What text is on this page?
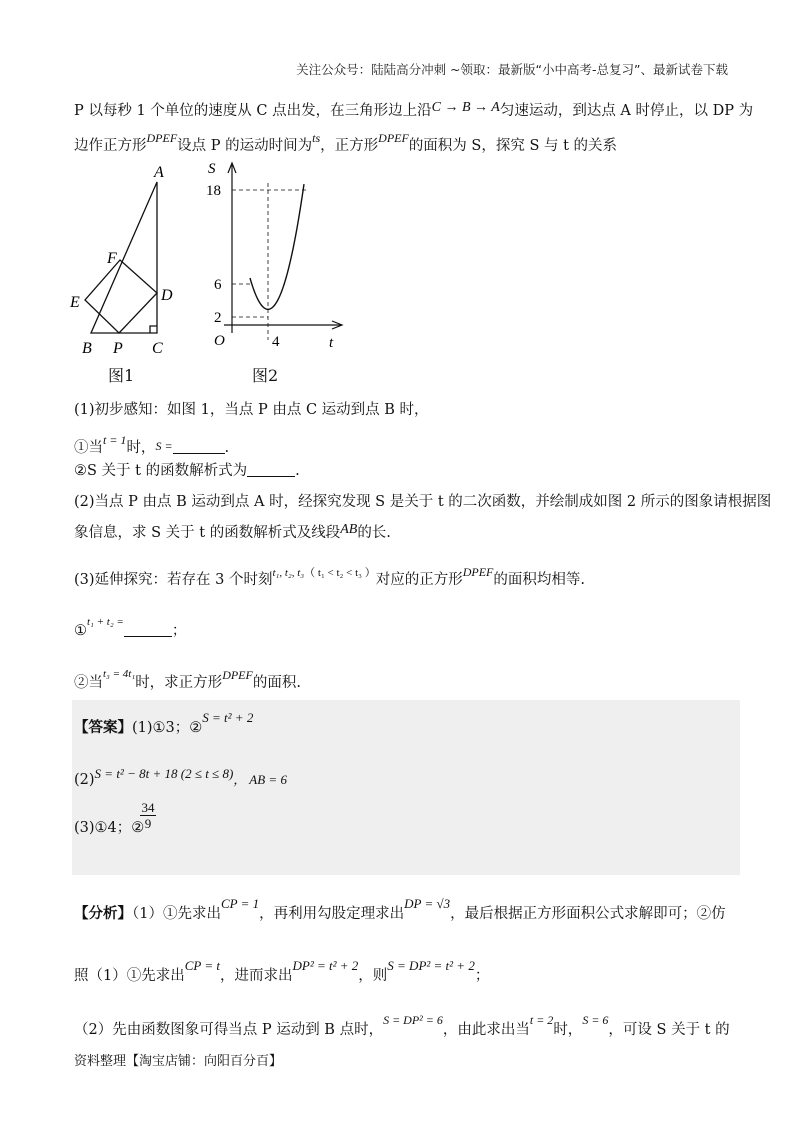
关注公众号：陆陆高分冲刺 ~领取：最新版“小中高考-总复习”、最新试卷下载
P 以每秒 1 个单位的速度从 C 点出发，在三角形边上沿C → B → A匀速运动，到达点 A 时停止，以 DP 为
边作正方形$^{DPEF}$设点 P 的运动时间为$^{ts}$，正方形$^{DPEF}$的面积为 S，探究 S 与 t 的关系
A
F
D
E
B P C
图1
S
18
6
2
O	4	t
图2
(1)初步感知：如图 1，当点 P 由点 C 运动到点 B 时，
①当$^{t = 1}$时，S =	.
②S 关于 t 的函数解析式为	.
(2)当点 P 由点 B 运动到点 A 时，经探究发现 S 是关于 t 的二次函数，并绘制成如图 2 所示的图象请根据图
象信息，求 S 关于 t 的函数解析式及线段AB的长.
(3)延伸探究：若存在 3 个时刻$^{t_1, t_2, t_3( t_1 < t_2 < t_3 )}$对应的正方形$^{DPEF}$的面积均相等.
①$^{t_1 + t_2 =}$；
②当$^{t_3 = 4t_1}$时，求正方形$^{DPEF}$的面积.
【答案】(1)①3；②S = t² + 2
(2)S = t² − 8t + 18 (2 ≤ t ≤ 8)， AB = 6
(3)①4；②
$\frac{34}{9}$
【分析】（1）①先求出CP = 1，再利用勾股定理求出DP = √3，最后根据正方形面积公式求解即可；②仿
照（1）①先求出CP = t，进而求出DP² = t² + 2，则S = DP² = t² + 2；
（2）先由函数图象可得当点 P 运动到 B 点时，$^{S = DP^2 = 6}$，由此求出当$^{t = 2}$时，$^{S = 6}$，可设 S 关于 t 的
资料整理【淘宝店铺：向阳百分百】
